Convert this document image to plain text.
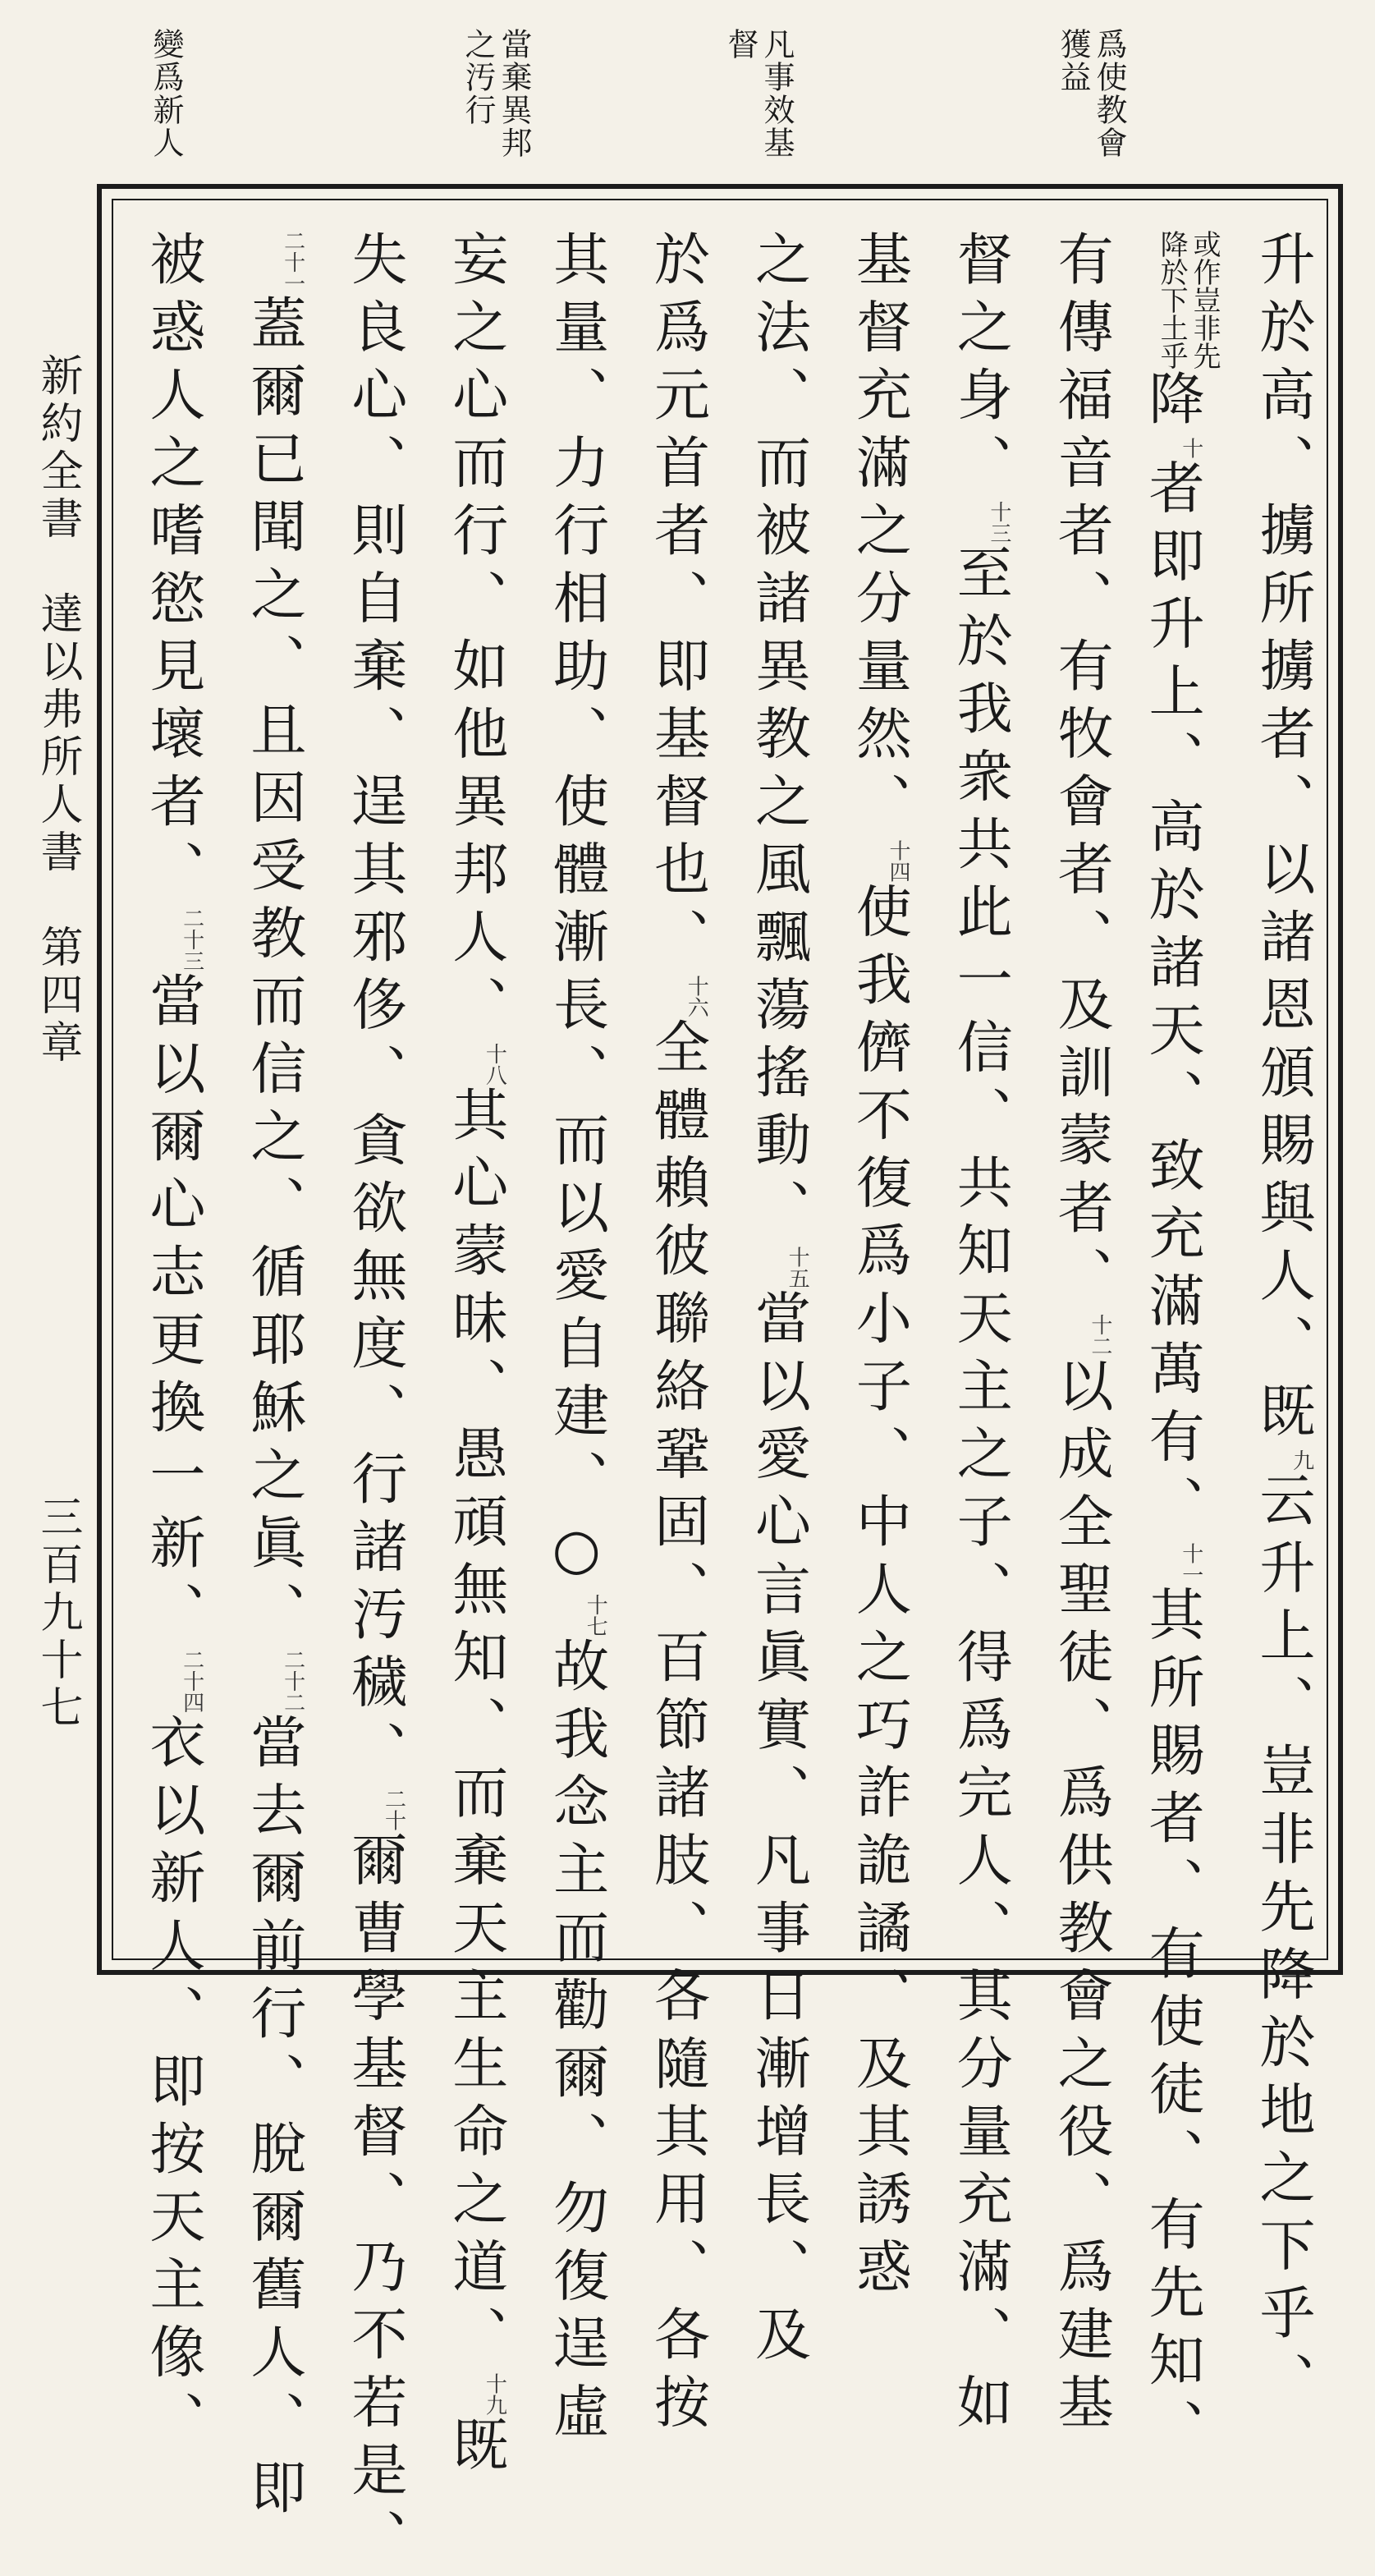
爲使教會
獲益
凡事效基
督
當棄異邦
之汚行
變爲新人
升於高、擄所擄者、以諸恩頒賜與人、既$^九$云升上、豈非先降於地之下乎、
或作豈非先
降於下土乎降$^十$者即升上、高於諸天、致充滿萬有、$^{十一}$其所賜者、有使徒、有先知、
有傳福音者、有牧會者、及訓蒙者、$^{十二}$以成全聖徒、爲供教會之役、爲建基
督之身、$^{十三}$至於我衆共此一信、共知天主之子、得爲完人、其分量充滿、如
基督充滿之分量然、$^{十四}$使我儕不復爲小子、中人之巧詐詭譎、及其誘惑
之法、而被諸異教之風飄蕩搖動、$^{十五}$當以愛心言眞實、凡事日漸增長、及
於爲元首者、即基督也、$^{十六}$全體賴彼聯絡鞏固、百節諸肢、各隨其用、各按
其量、力行相助、使體漸長、而以愛自建、○$^{十七}$故我念主而勸爾、勿復逞虛
妄之心而行、如他異邦人、$^{十八}$其心蒙昧、愚頑無知、而棄天主生命之道、$^{十九}$既
失良心、則自棄、逞其邪侈、貪欲無度、行諸汚穢、$^{二十}$爾曹學基督、乃不若是、
$^{二十一}$蓋爾已聞之、且因受教而信之、循耶穌之眞、$^{二十二}$當去爾前行、脫爾舊人、即
被惑人之嗜慾見壞者、$^{二十三}$當以爾心志更換一新、$^{二十四}$衣以新人、即按天主像、
新約全書　達以弗所人書　第四章
三百九十七
